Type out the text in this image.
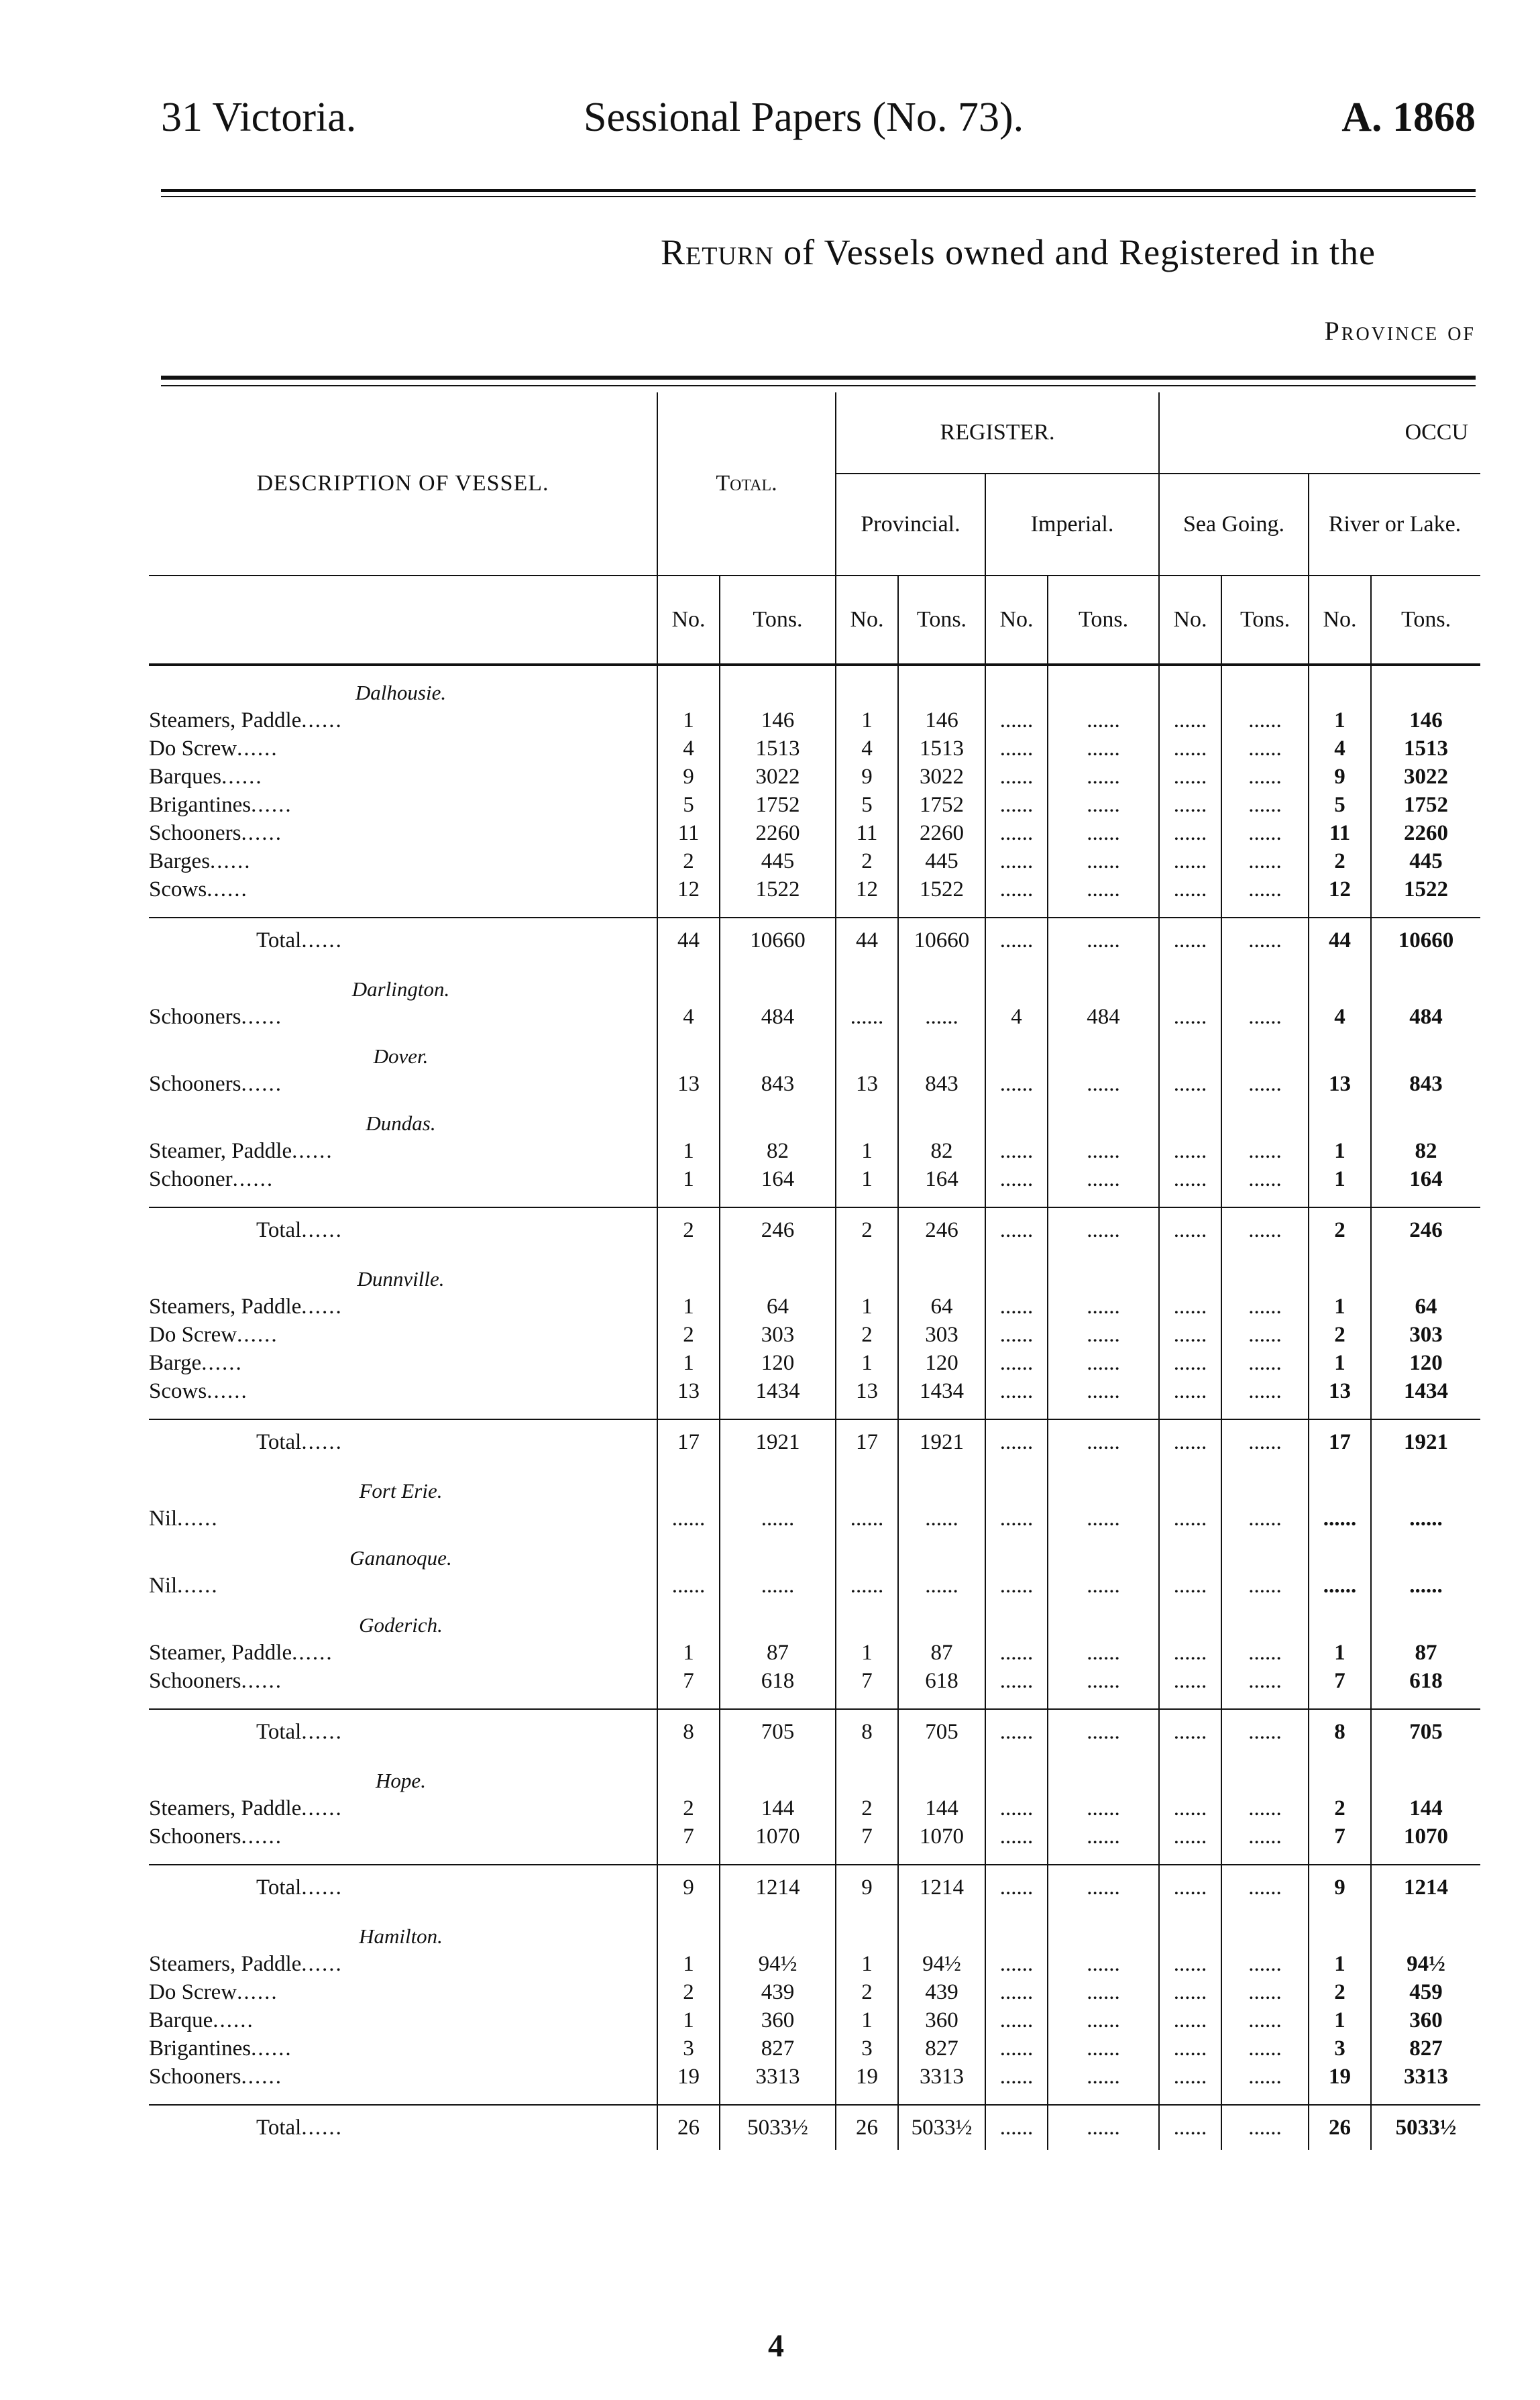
31 Victoria.	Sessional Papers (No. 73).	A. 1868
Return of Vessels owned and Registered in the
Province of
DESCRIPTION OF VESSEL.	Total.		REGISTER.				OCCU			
			Provincial.		Imperial.		Sea Going.		River or Lake.	
	No.	Tons.	No.	Tons.	No.	Tons.	No.	Tons.	No.	Tons.
Dalhousie.										
Steamers, Paddle......	1	146	1	146	......	......	......	......	1	146
Do Screw......	4	1513	4	1513	......	......	......	......	4	1513
Barques......	9	3022	9	3022	......	......	......	......	9	3022
Brigantines......	5	1752	5	1752	......	......	......	......	5	1752
Schooners......	11	2260	11	2260	......	......	......	......	11	2260
Barges......	2	445	2	445	......	......	......	......	2	445
Scows......	12	1522	12	1522	......	......	......	......	12	1522

Total......	44	10660	44	10660	......	......	......	......	44	10660
Darlington.										
Schooners......	4	484	......	......	4	484	......	......	4	484
Dover.										
Schooners......	13	843	13	843	......	......	......	......	13	843
Dundas.										
Steamer, Paddle......	1	82	1	82	......	......	......	......	1	82
Schooner......	1	164	1	164	......	......	......	......	1	164

Total......	2	246	2	246	......	......	......	......	2	246
Dunnville.										
Steamers, Paddle......	1	64	1	64	......	......	......	......	1	64
Do Screw......	2	303	2	303	......	......	......	......	2	303
Barge......	1	120	1	120	......	......	......	......	1	120
Scows......	13	1434	13	1434	......	......	......	......	13	1434

Total......	17	1921	17	1921	......	......	......	......	17	1921
Fort Erie.										
Nil......	......	......	......	......	......	......	......	......	......	......
Gananoque.										
Nil......	......	......	......	......	......	......	......	......	......	......
Goderich.										
Steamer, Paddle......	1	87	1	87	......	......	......	......	1	87
Schooners......	7	618	7	618	......	......	......	......	7	618

Total......	8	705	8	705	......	......	......	......	8	705
Hope.										
Steamers, Paddle......	2	144	2	144	......	......	......	......	2	144
Schooners......	7	1070	7	1070	......	......	......	......	7	1070

Total......	9	1214	9	1214	......	......	......	......	9	1214
Hamilton.										
Steamers, Paddle......	1	94½	1	94½	......	......	......	......	1	94½
Do Screw......	2	439	2	439	......	......	......	......	2	459
Barque......	1	360	1	360	......	......	......	......	1	360
Brigantines......	3	827	3	827	......	......	......	......	3	827
Schooners......	19	3313	19	3313	......	......	......	......	19	3313

Total......	26	5033½	26	5033½	......	......	......	......	26	5033½
4
